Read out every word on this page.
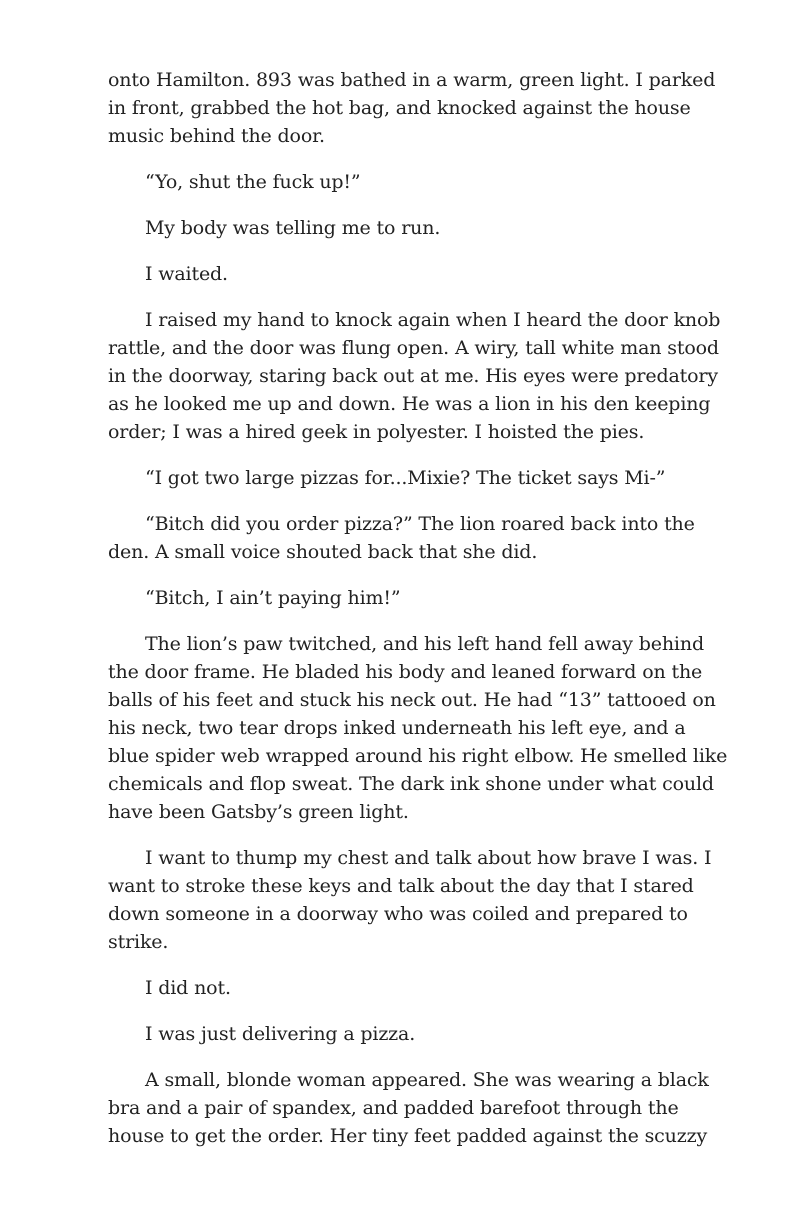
onto Hamilton. 893 was bathed in a warm, green light. I parked in front, grabbed the hot bag, and knocked against the house music behind the door.

“Yo, shut the fuck up!”

My body was telling me to run.

I waited.

I raised my hand to knock again when I heard the door knob rattle, and the door was flung open. A wiry, tall white man stood in the doorway, staring back out at me. His eyes were predatory as he looked me up and down. He was a lion in his den keeping order; I was a hired geek in polyester. I hoisted the pies.

“I got two large pizzas for...Mixie? The ticket says Mi-”

“Bitch did you order pizza?” The lion roared back into the den. A small voice shouted back that she did.

“Bitch, I ain’t paying him!”

The lion’s paw twitched, and his left hand fell away behind the door frame. He bladed his body and leaned forward on the balls of his feet and stuck his neck out. He had “13” tattooed on his neck, two tear drops inked underneath his left eye, and a blue spider web wrapped around his right elbow. He smelled like chemicals and flop sweat. The dark ink shone under what could have been Gatsby’s green light.

I want to thump my chest and talk about how brave I was. I want to stroke these keys and talk about the day that I stared down someone in a doorway who was coiled and prepared to strike.

I did not.

I was just delivering a pizza.

A small, blonde woman appeared. She was wearing a black bra and a pair of spandex, and padded barefoot through the house to get the order. Her tiny feet padded against the scuzzy
